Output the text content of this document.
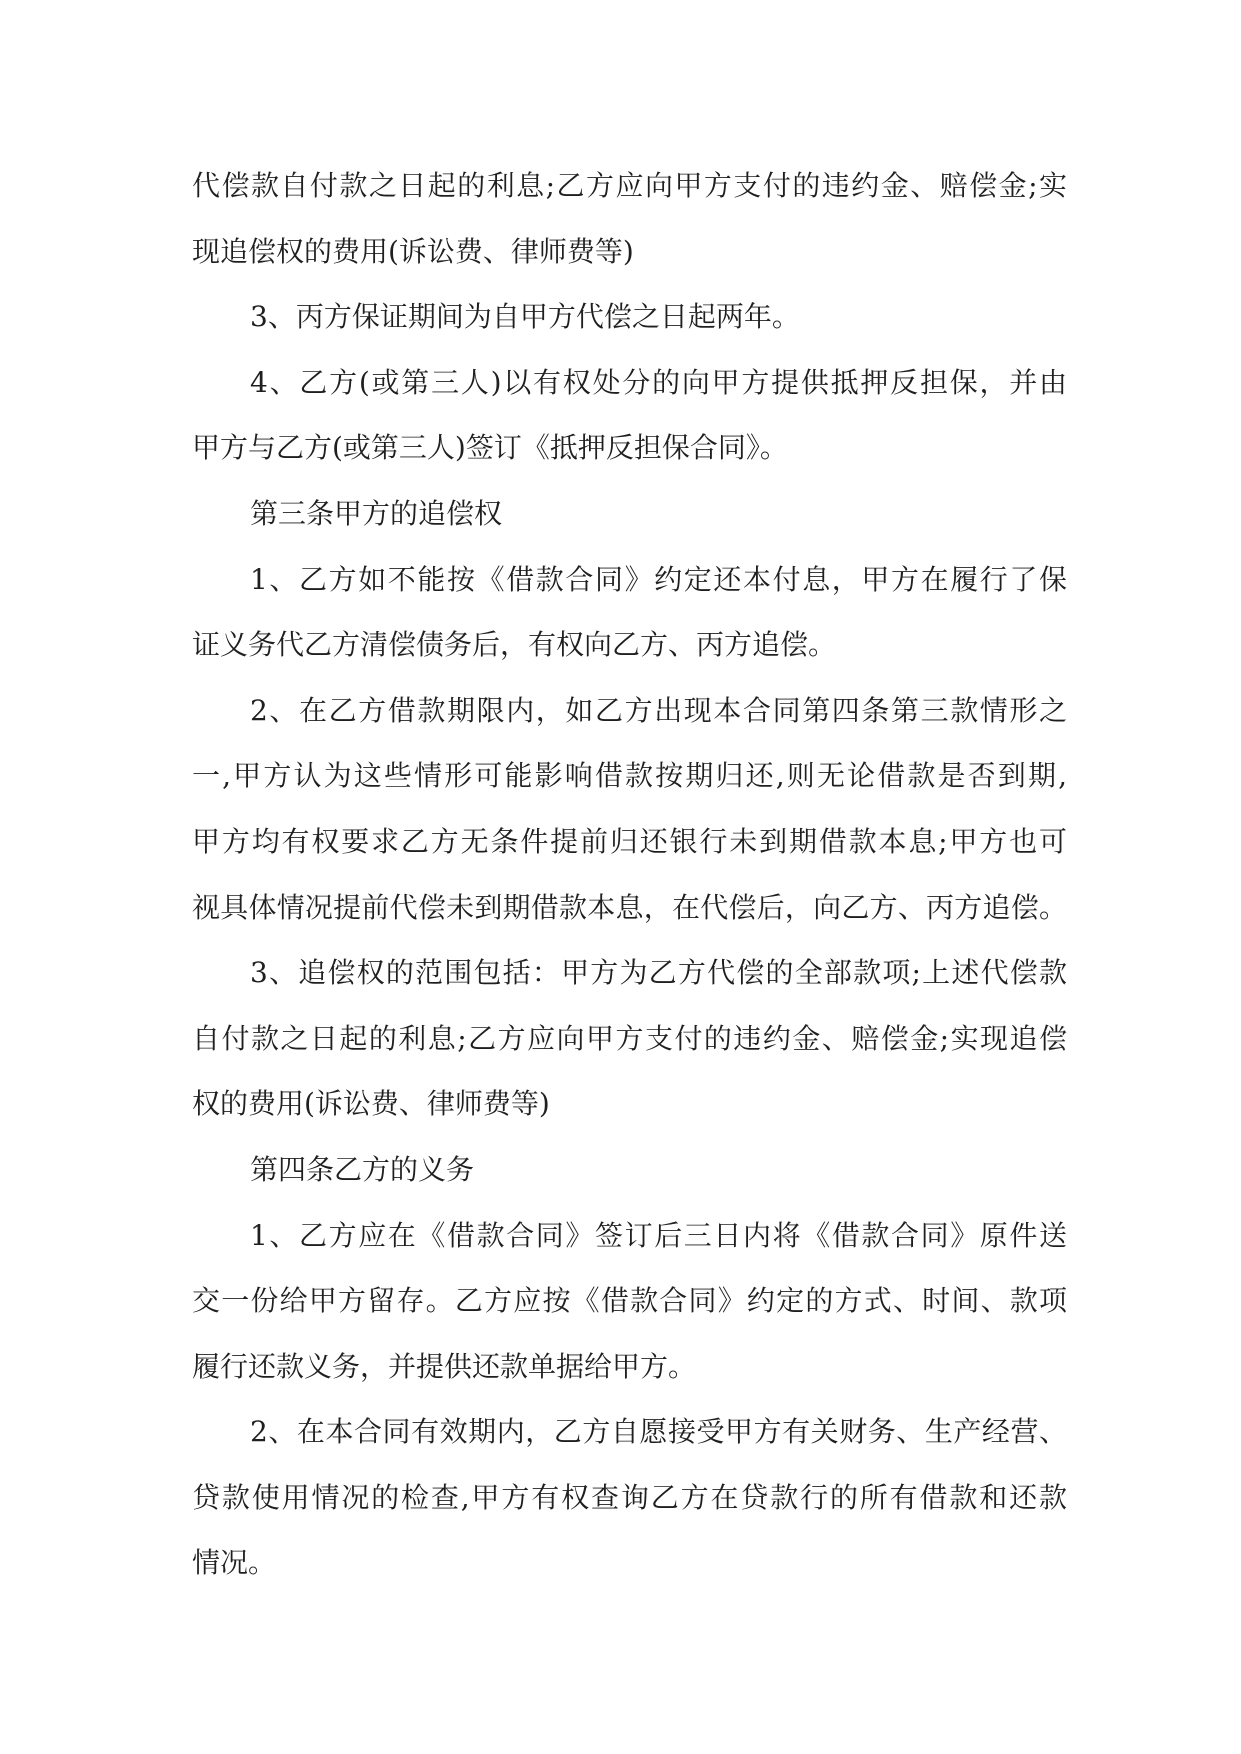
代偿款自付款之日起的利息;乙方应向甲方支付的违约金、赔偿金;实
现追偿权的费用(诉讼费、律师费等)
3、丙方保证期间为自甲方代偿之日起两年。
4、乙方(或第三人)以有权处分的向甲方提供抵押反担保，并由
甲方与乙方(或第三人)签订《抵押反担保合同》。
第三条甲方的追偿权
1、乙方如不能按《借款合同》约定还本付息，甲方在履行了保
证义务代乙方清偿债务后，有权向乙方、丙方追偿。
2、在乙方借款期限内，如乙方出现本合同第四条第三款情形之
一,甲方认为这些情形可能影响借款按期归还,则无论借款是否到期,
甲方均有权要求乙方无条件提前归还银行未到期借款本息;甲方也可
视具体情况提前代偿未到期借款本息，在代偿后，向乙方、丙方追偿。
3、追偿权的范围包括：甲方为乙方代偿的全部款项;上述代偿款
自付款之日起的利息;乙方应向甲方支付的违约金、赔偿金;实现追偿
权的费用(诉讼费、律师费等)
第四条乙方的义务
1、乙方应在《借款合同》签订后三日内将《借款合同》原件送
交一份给甲方留存。乙方应按《借款合同》约定的方式、时间、款项
履行还款义务，并提供还款单据给甲方。
2、在本合同有效期内，乙方自愿接受甲方有关财务、生产经营、
贷款使用情况的检查,甲方有权查询乙方在贷款行的所有借款和还款
情况。
